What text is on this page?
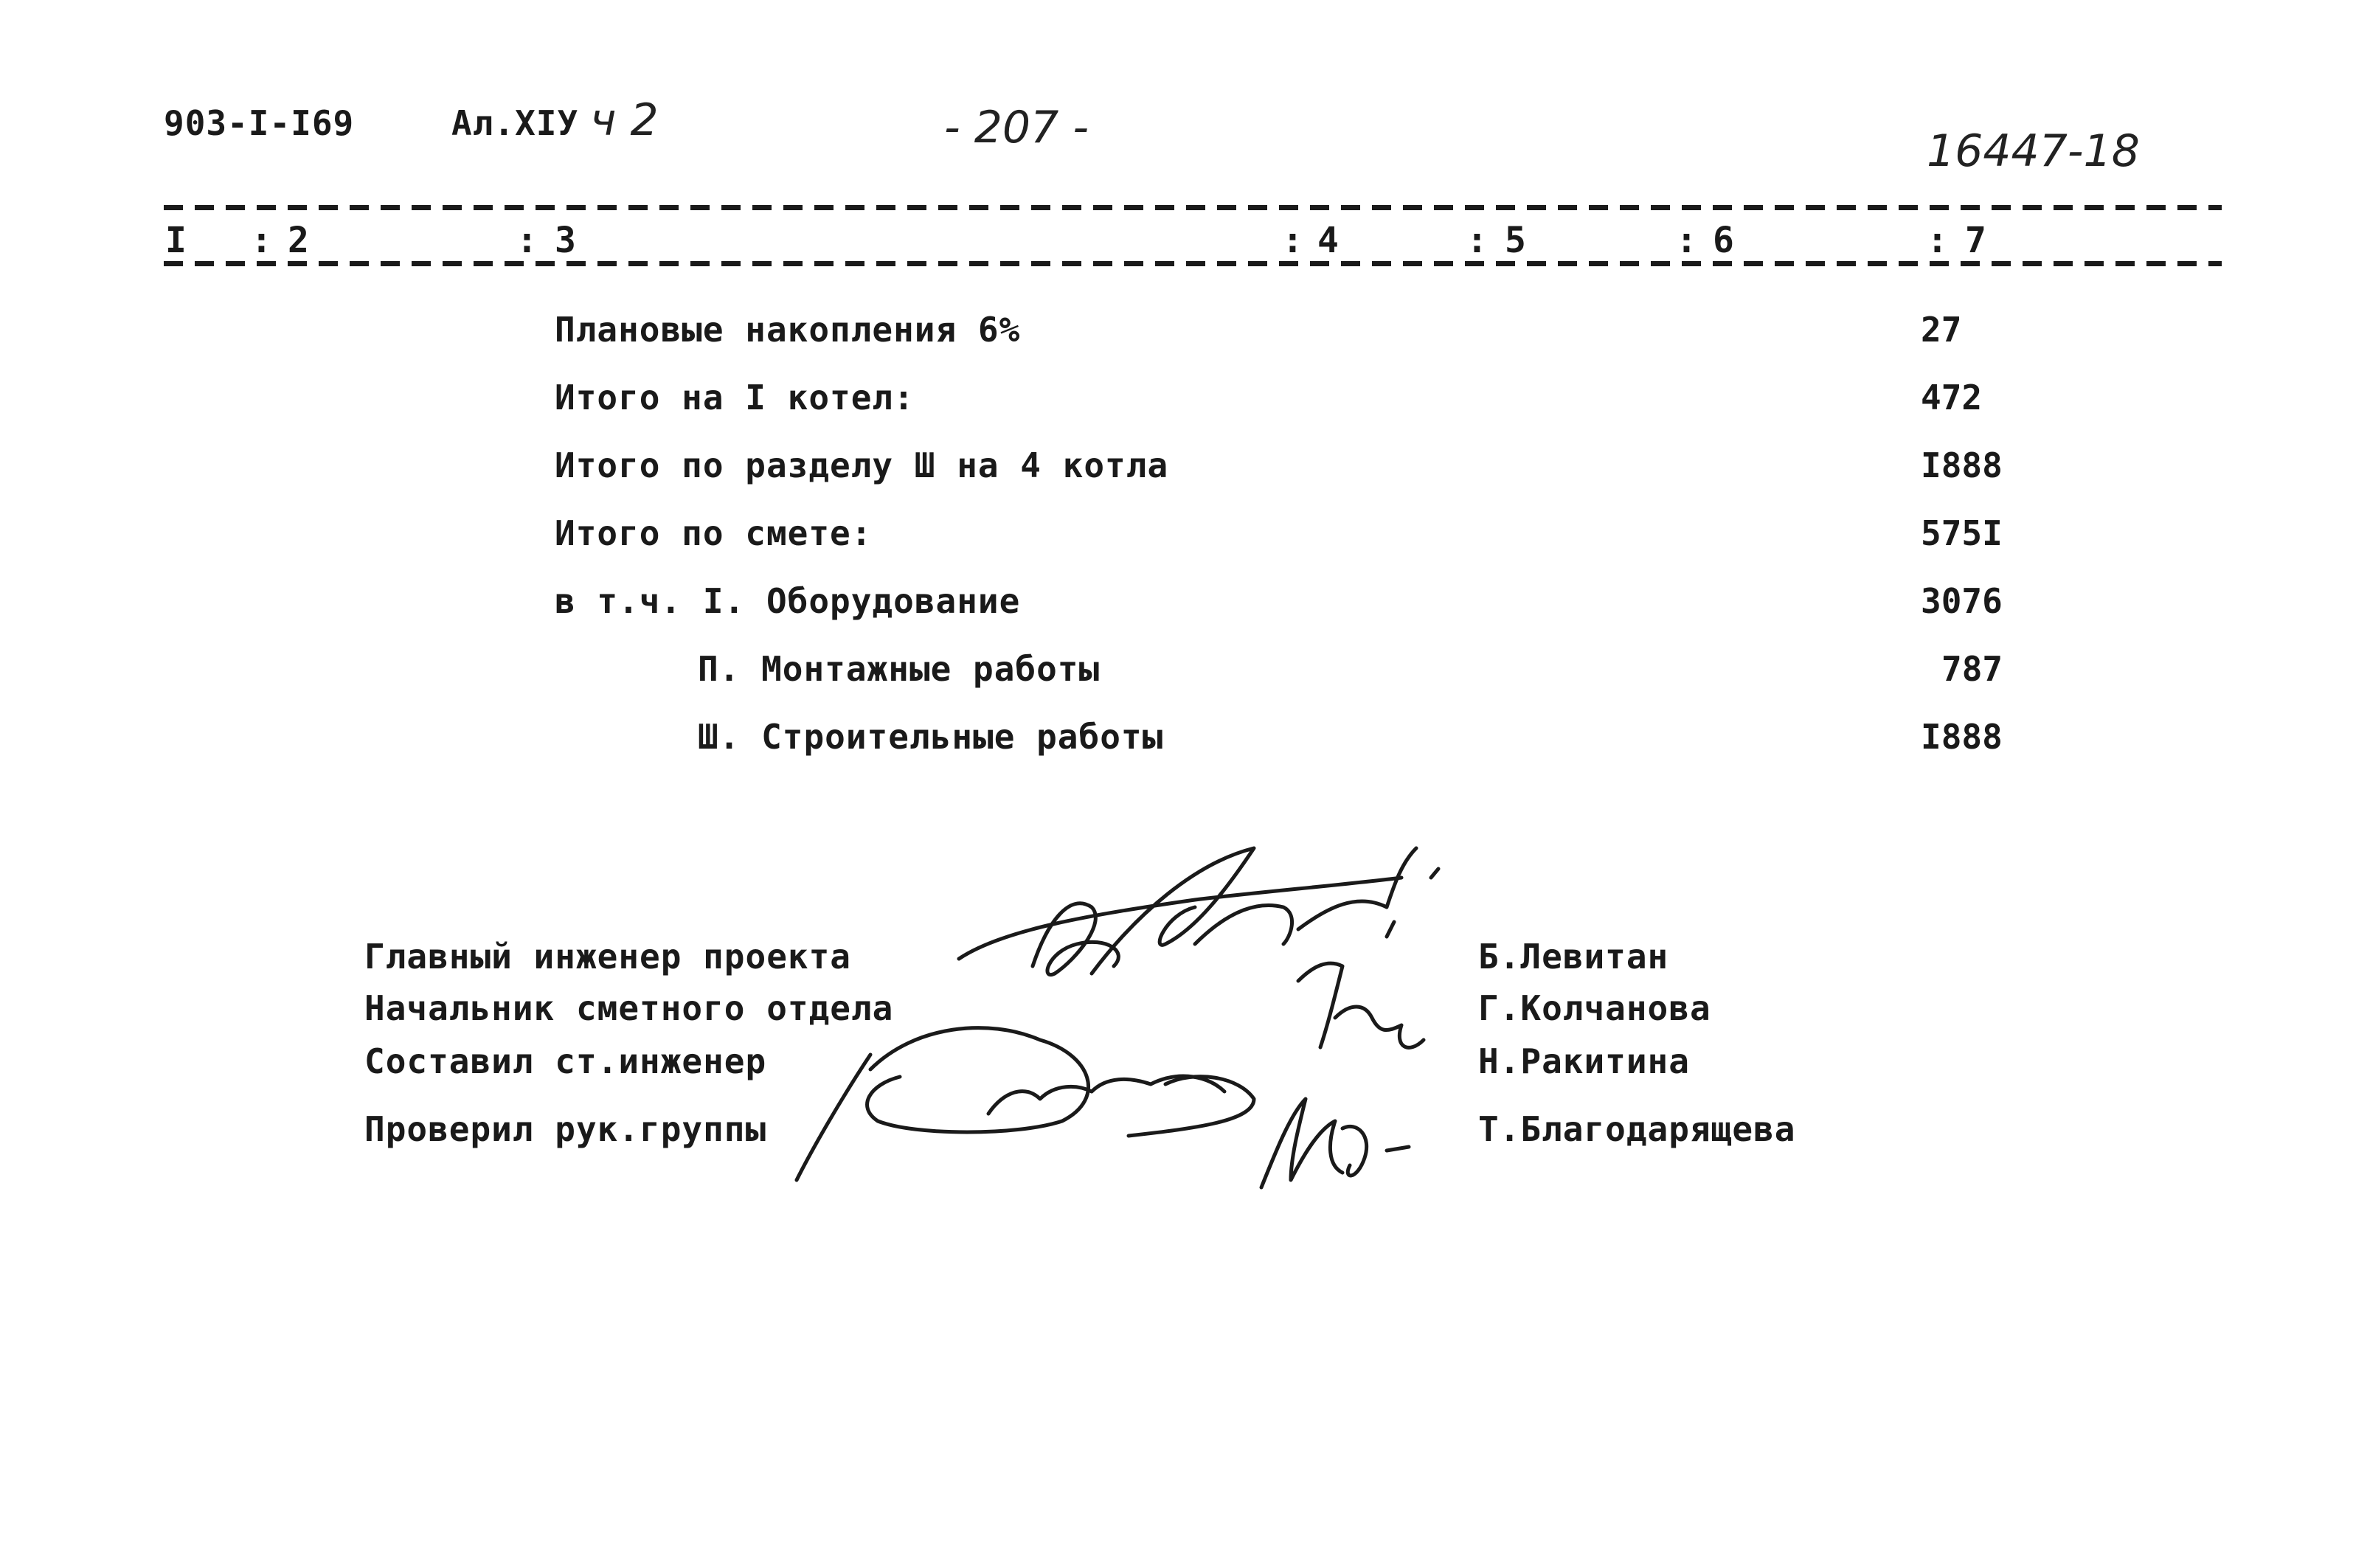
903-I-I69	Ал.XIУ ч 2	- 207 -	16447-18
I : 2	: 3	: 4	: 5	: 6	: 7
Плановые накопления 6%	27
Итого на I котел:	472
Итого по разделу Ш на 4 котла	I888
Итого по смете:	575I
в т.ч. I. Оборудование	3076
П. Монтажные работы	787
Ш. Строительные работы	I888
Главный инженер проекта	Б.Левитан
Начальник сметного отдела	Г.Колчанова
Составил ст.инженер	Н.Ракитина
Проверил рук.группы	Т.Благодарящева
